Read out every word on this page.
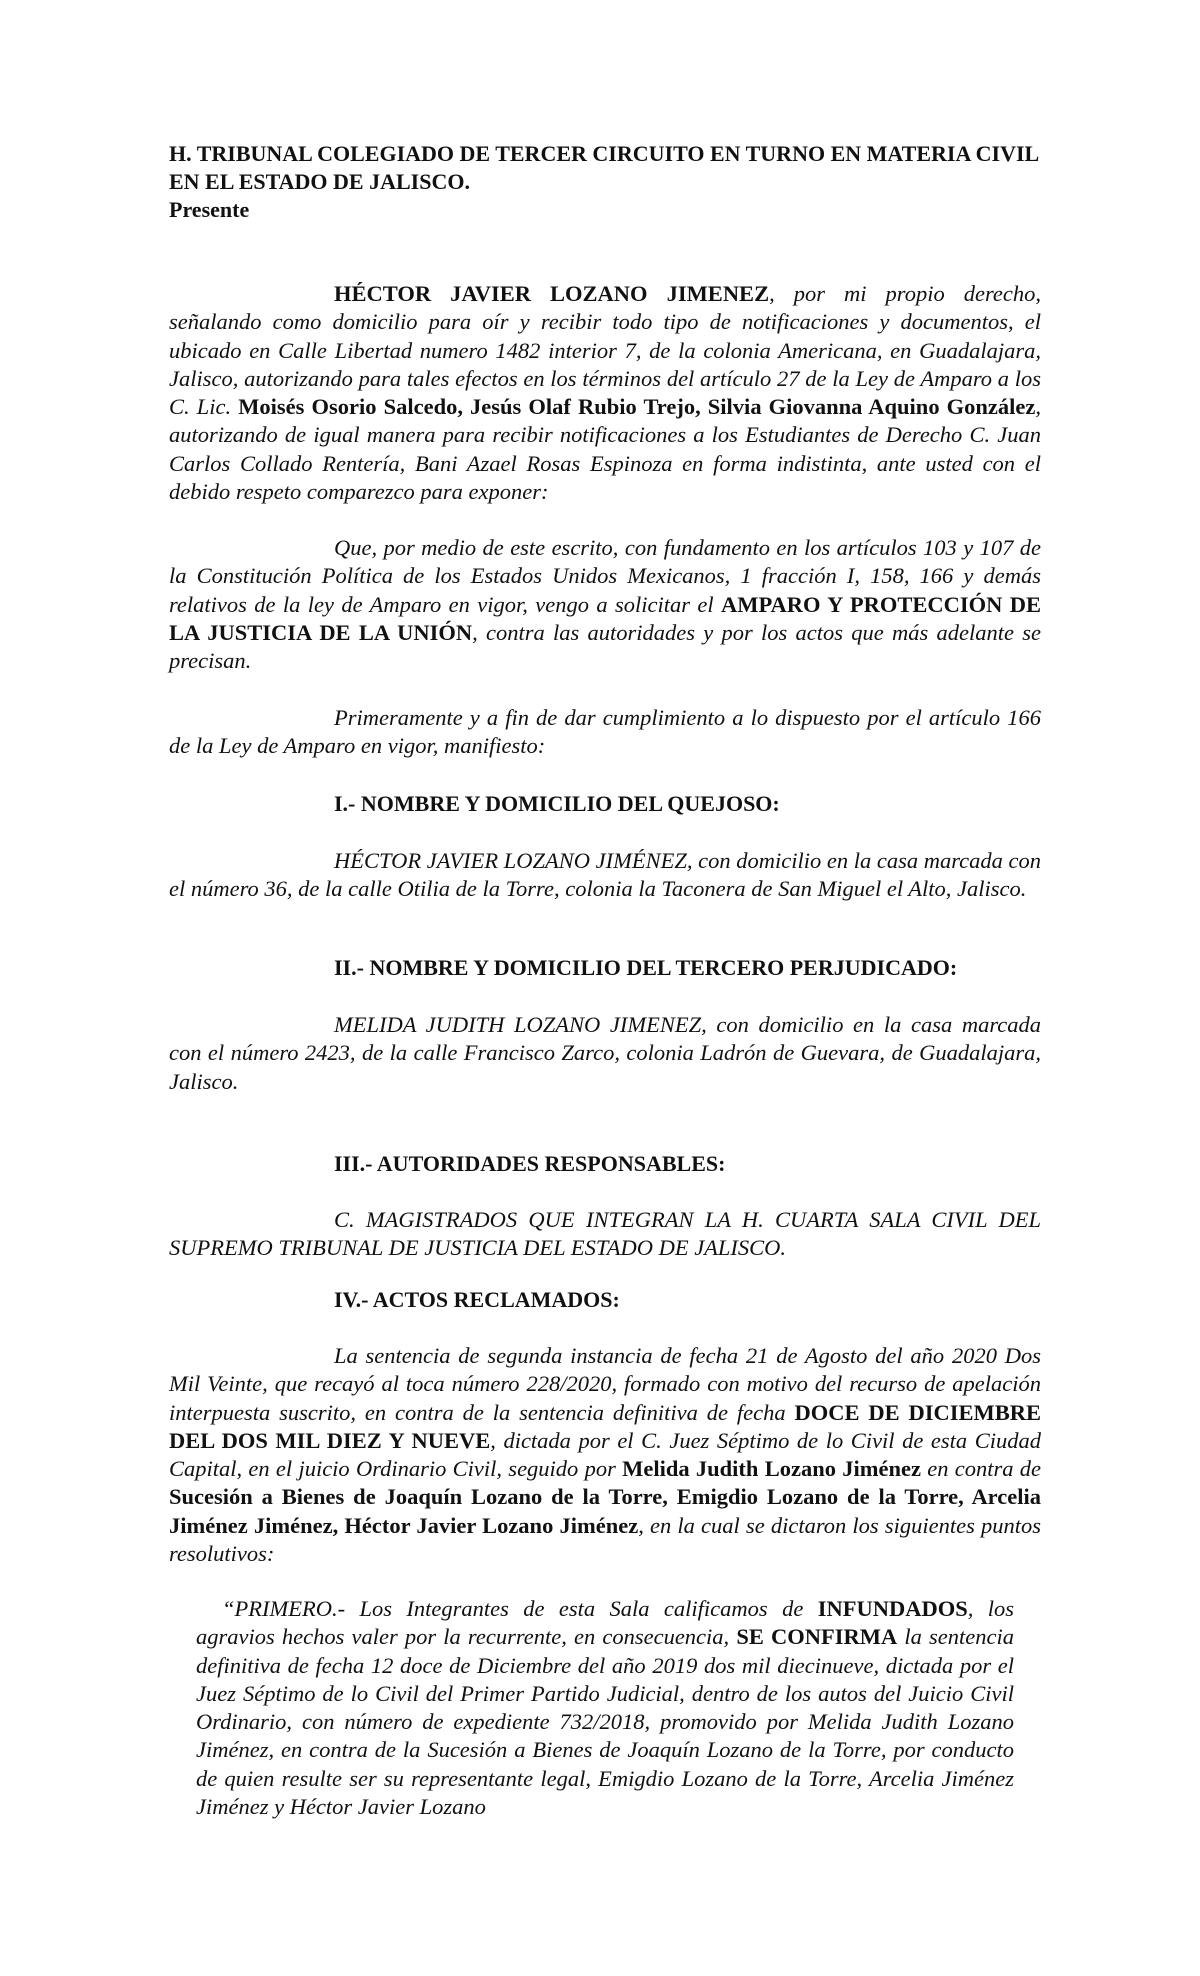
H. TRIBUNAL COLEGIADO DE TERCER CIRCUITO EN TURNO EN MATERIA CIVIL
EN EL ESTADO DE JALISCO.
Presente
HÉCTOR JAVIER LOZANO JIMENEZ, por mi propio derecho, señalando como domicilio para oír y recibir todo tipo de notificaciones y documentos, el ubicado en Calle Libertad numero 1482 interior 7, de la colonia Americana, en Guadalajara, Jalisco, autorizando para tales efectos en los términos del artículo 27 de la Ley de Amparo a los C. Lic. Moisés Osorio Salcedo, Jesús Olaf Rubio Trejo, Silvia Giovanna Aquino González, autorizando de igual manera para recibir notificaciones a los Estudiantes de Derecho C. Juan Carlos Collado Rentería, Bani Azael Rosas Espinoza en forma indistinta, ante usted con el debido respeto comparezco para exponer:
Que, por medio de este escrito, con fundamento en los artículos 103 y 107 de la Constitución Política de los Estados Unidos Mexicanos, 1 fracción I, 158, 166 y demás relativos de la ley de Amparo en vigor, vengo a solicitar el AMPARO Y PROTECCIÓN DE LA JUSTICIA DE LA UNIÓN, contra las autoridades y por los actos que más adelante se precisan.
Primeramente y a fin de dar cumplimiento a lo dispuesto por el artículo 166 de la Ley de Amparo en vigor, manifiesto:
I.- NOMBRE Y DOMICILIO DEL QUEJOSO:
HÉCTOR JAVIER LOZANO JIMÉNEZ, con domicilio en la casa marcada con el número 36, de la calle Otilia de la Torre, colonia la Taconera de San Miguel el Alto, Jalisco.
II.- NOMBRE Y DOMICILIO DEL TERCERO PERJUDICADO:
MELIDA JUDITH LOZANO JIMENEZ, con domicilio en la casa marcada con el número 2423, de la calle Francisco Zarco, colonia Ladrón de Guevara, de Guadalajara, Jalisco.
III.- AUTORIDADES RESPONSABLES:
C. MAGISTRADOS QUE INTEGRAN LA H. CUARTA SALA CIVIL DEL SUPREMO TRIBUNAL DE JUSTICIA DEL ESTADO DE JALISCO.
IV.- ACTOS RECLAMADOS:
La sentencia de segunda instancia de fecha 21 de Agosto del año 2020 Dos Mil Veinte, que recayó al toca número 228/2020, formado con motivo del recurso de apelación interpuesta suscrito, en contra de la sentencia definitiva de fecha DOCE DE DICIEMBRE DEL DOS MIL DIEZ Y NUEVE, dictada por el C. Juez Séptimo de lo Civil de esta Ciudad Capital, en el juicio Ordinario Civil, seguido por Melida Judith Lozano Jiménez en contra de Sucesión a Bienes de Joaquín Lozano de la Torre, Emigdio Lozano de la Torre, Arcelia Jiménez Jiménez, Héctor Javier Lozano Jiménez, en la cual se dictaron los siguientes puntos resolutivos:
“PRIMERO.- Los Integrantes de esta Sala calificamos de INFUNDADOS, los agravios hechos valer por la recurrente, en consecuencia, SE CONFIRMA la sentencia definitiva de fecha 12 doce de Diciembre del año 2019 dos mil diecinueve, dictada por el Juez Séptimo de lo Civil del Primer Partido Judicial, dentro de los autos del Juicio Civil Ordinario, con número de expediente 732/2018, promovido por Melida Judith Lozano Jiménez, en contra de la Sucesión a Bienes de Joaquín Lozano de la Torre, por conducto de quien resulte ser su representante legal, Emigdio Lozano de la Torre, Arcelia Jiménez Jiménez y Héctor Javier Lozano
